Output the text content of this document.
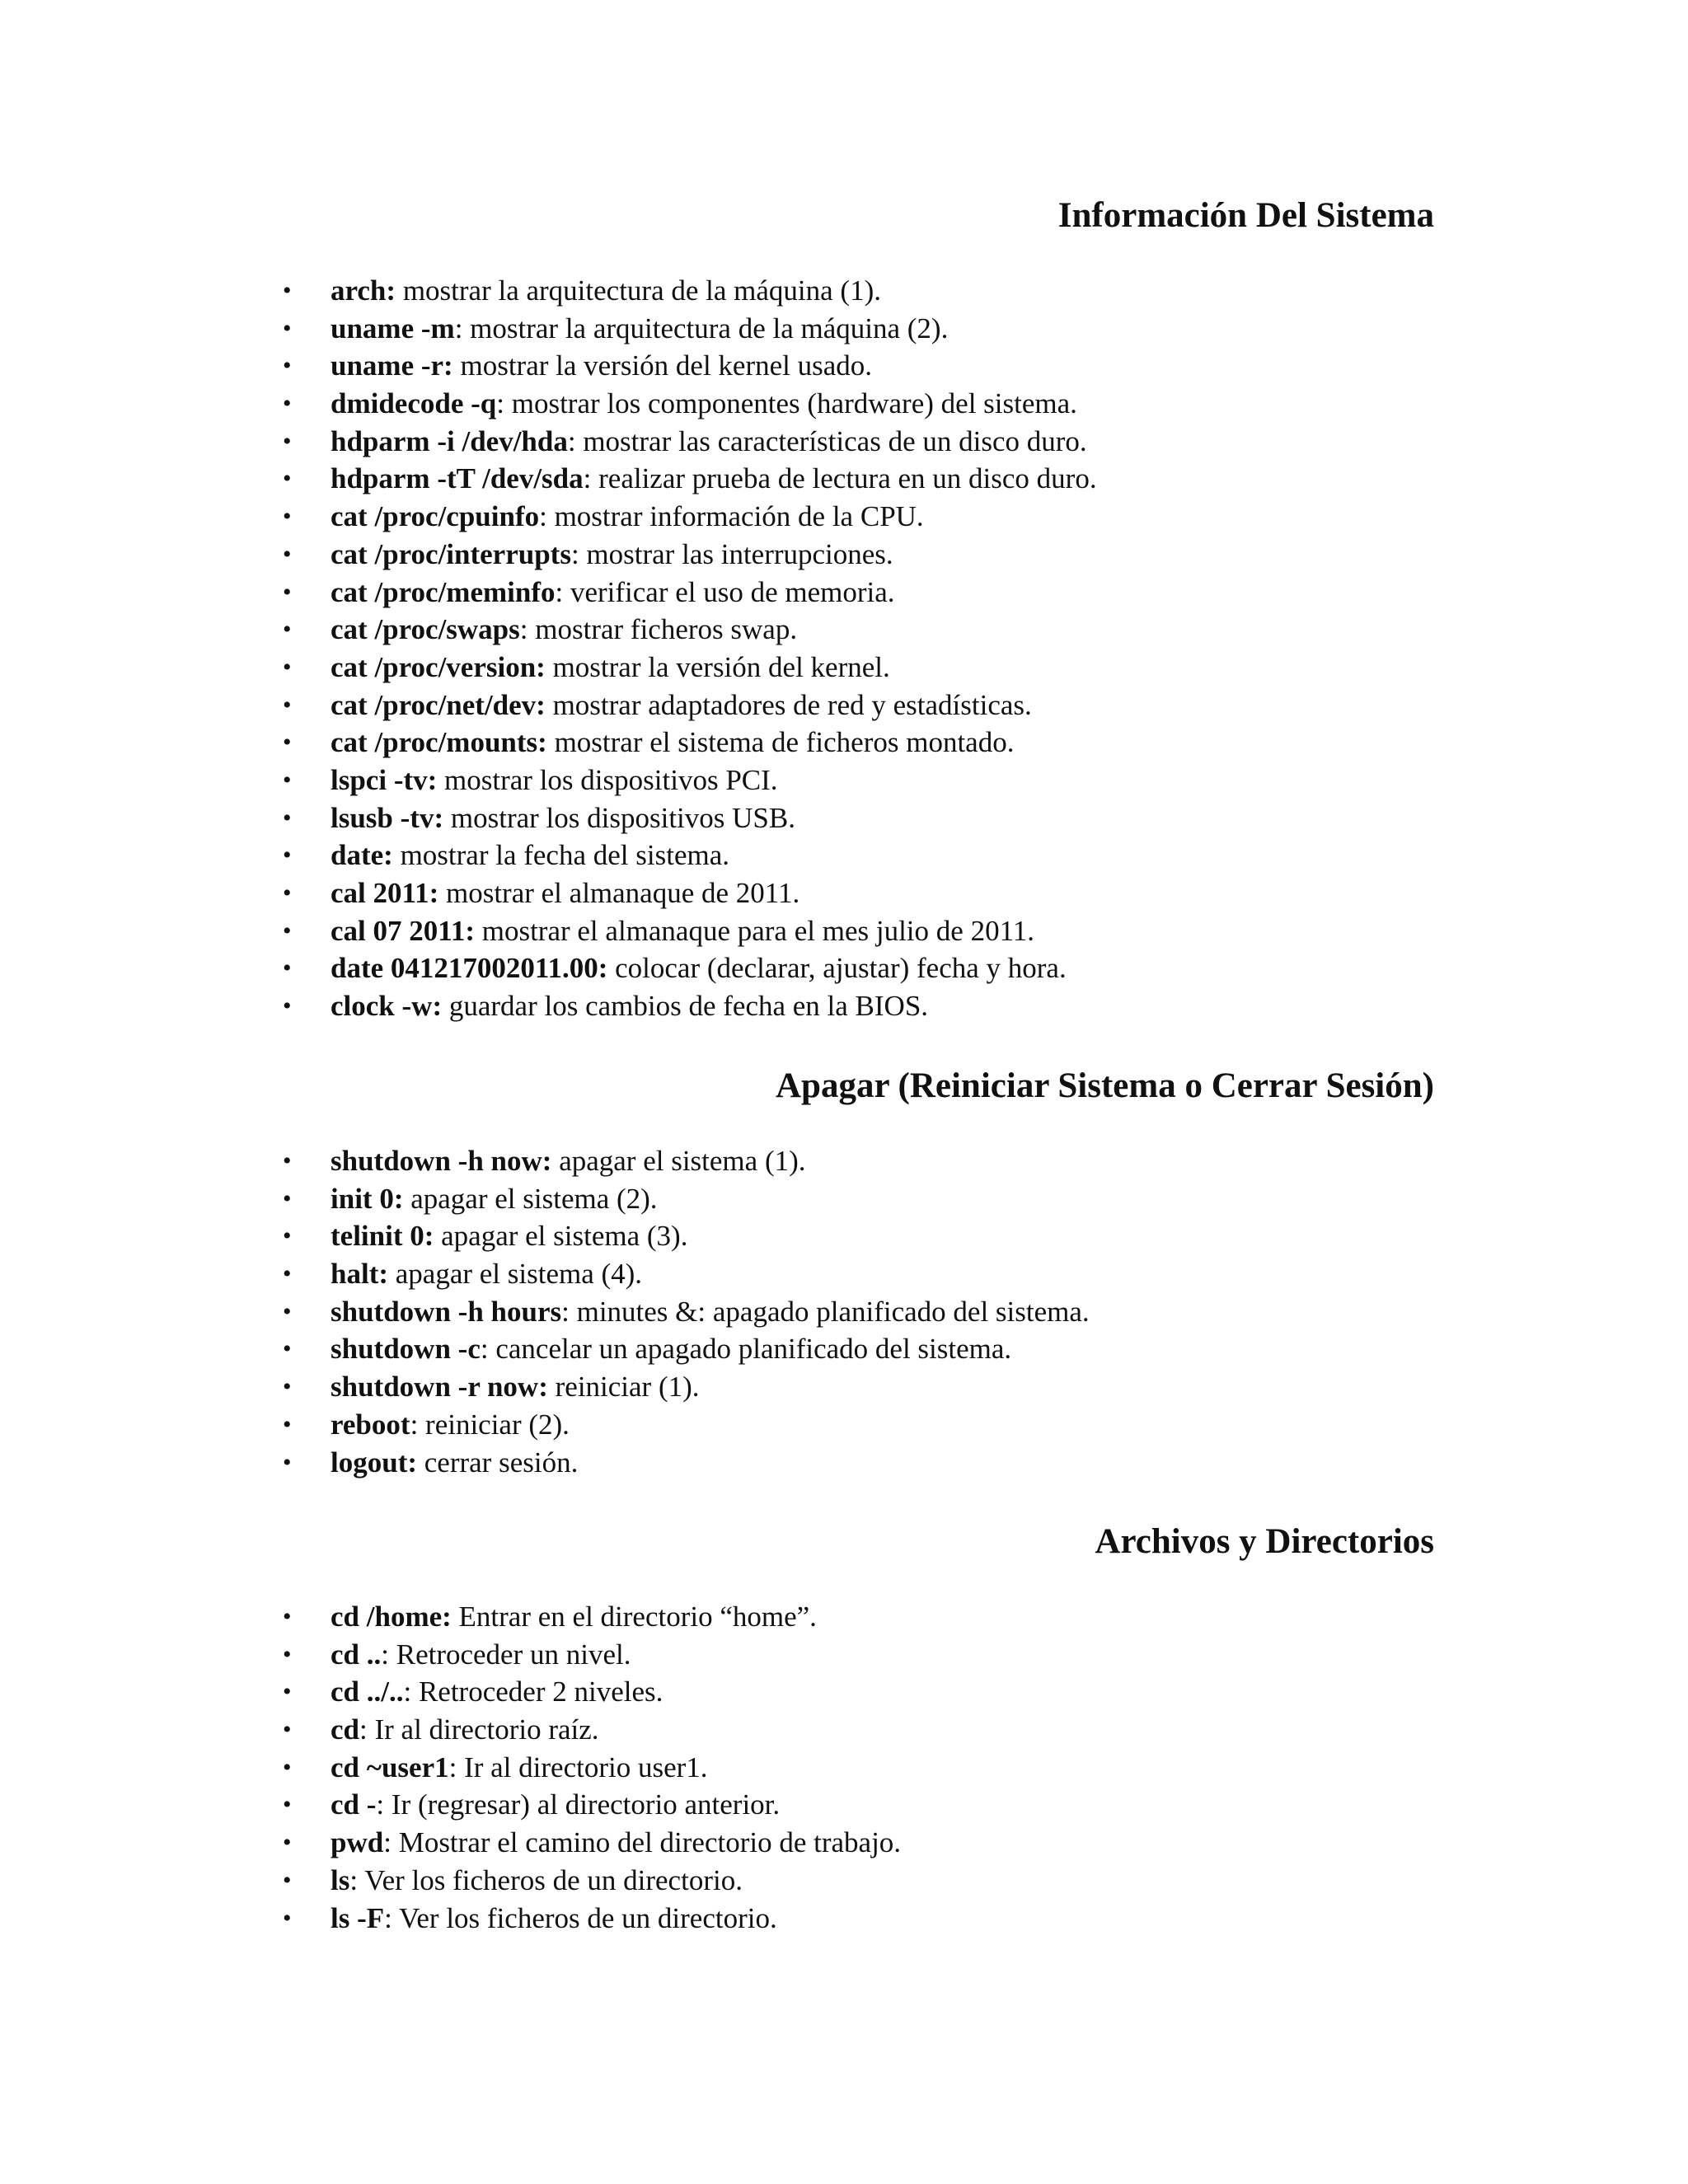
Información Del Sistema
• arch: mostrar la arquitectura de la máquina (1).
• uname -m: mostrar la arquitectura de la máquina (2).
• uname -r: mostrar la versión del kernel usado.
• dmidecode -q: mostrar los componentes (hardware) del sistema.
• hdparm -i /dev/hda: mostrar las características de un disco duro.
• hdparm -tT /dev/sda: realizar prueba de lectura en un disco duro.
• cat /proc/cpuinfo: mostrar información de la CPU.
• cat /proc/interrupts: mostrar las interrupciones.
• cat /proc/meminfo: verificar el uso de memoria.
• cat /proc/swaps: mostrar ficheros swap.
• cat /proc/version: mostrar la versión del kernel.
• cat /proc/net/dev: mostrar adaptadores de red y estadísticas.
• cat /proc/mounts: mostrar el sistema de ficheros montado.
• lspci -tv: mostrar los dispositivos PCI.
• lsusb -tv: mostrar los dispositivos USB.
• date: mostrar la fecha del sistema.
• cal 2011: mostrar el almanaque de 2011.
• cal 07 2011: mostrar el almanaque para el mes julio de 2011.
• date 041217002011.00: colocar (declarar, ajustar) fecha y hora.
• clock -w: guardar los cambios de fecha en la BIOS.
Apagar (Reiniciar Sistema o Cerrar Sesión)
• shutdown -h now: apagar el sistema (1).
• init 0: apagar el sistema (2).
• telinit 0: apagar el sistema (3).
• halt: apagar el sistema (4).
• shutdown -h hours: minutes &: apagado planificado del sistema.
• shutdown -c: cancelar un apagado planificado del sistema.
• shutdown -r now: reiniciar (1).
• reboot: reiniciar (2).
• logout: cerrar sesión.
Archivos y Directorios
• cd /home: Entrar en el directorio “home”.
• cd ..: Retroceder un nivel.
• cd ../..: Retroceder 2 niveles.
• cd: Ir al directorio raíz.
• cd ~user1: Ir al directorio user1.
• cd -: Ir (regresar) al directorio anterior.
• pwd: Mostrar el camino del directorio de trabajo.
• ls: Ver los ficheros de un directorio.
• ls -F: Ver los ficheros de un directorio.
